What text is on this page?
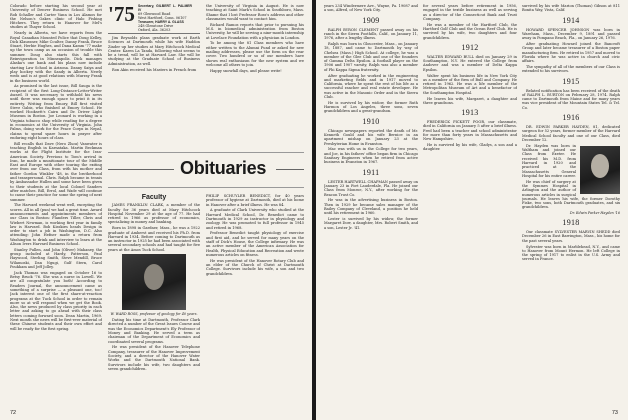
Colorado before starting his second year at University of Denver Business School. He met Rob Schaller and Carter Vann in Los Alamos for the Nelson's Oakes clinic of Halo Fishing Hitchers. They return to Hanover for Mel's studies at Thayer School.

Nearly in Alberta, we have reports from the Royal Canadian Mounted Police that Doug Kelley, Dick Klaussner, Mike Coulter, Danny Frank, Bruce Stuart, Herbie Hughes, and Dana Kamm '77 make up the town camp as an occasion of trouble this summer. Doug also starts this fall with Reinvigoration in Minneapolis. Dick manages Alaska's one bank and his plans now include starting Law School in Arizona. Danny Saiya and play hockey with the Sandy in Alberta. Newly weds and is at good relations with Murray Frank in the business world.

As promised in the last issue, Bill Sauga is the recipient of the first Long-Distance-Letter-Writer Award. It was necessary to withhold his news until there was enough space to print it in its entirety. Writing from Emory, Bill first visited Steve Gabis, who finished at Emory School. He worked Hooksett's Cairn and Dr. Driver Light Museum in Boston. Joe Leonard is working in a Virginia tobacco shop while reading for a degree in economics at the University of Virginia. John Palms, doing work for the Peace Corps in Nepal, claims to spend spare hours in prayer after enduring eight hours of class.

Bill recalls that Dave (Nero Zhou) Vanwater is teaching English in Karnataka. Martin Beckman works at the Flight Institute for the Iran-American Society. Previous to Tom's arrival in Iran, he made a munitionate tour of the Middle East and Europe with other touring the exiting over from our Class, from with his mother and father Gordon Winkler '48, in the brotherhood and transpersonal. Chris. Ralph became in tennis by Ambassador Hullen and some have been given to their students at the local Colonel Sanders after matches. Bill, Errol, and Wade will continue to cause their practice for some the spring of next summer.

The Harvard weekend went well, excepting the scores. All in all (pun) we had a great time. Award announcements and appointments members of our Class in Boston: Flanders Tiller, Chris and Wiebert Newman, is working first year in family law is Harvard. Bob Kisskirn heads Design in order to start a job in Washington, D.C. Also attending: John Hefner made a return from Washington to drink and interview to learn at the Alison Ivers Harvard Business School.

Stanley Pullen, and John (Oliver) Mahaney, the group included at Hardy, Patterson, Paul Haywood, Sterling Smith, Steve Mendill, Bruce Wilamoski, Dan Ngugi, Gulf Stern, Carol Poukham and Jeff Jolley.

Jack Thomas was engaged on October 16 to Betsy Bruck '76. She was a nurse in Lowell. We are all congratulate you both! According to Readers Journal, the announcement came as something of a surprise — a pleasant one, too! Jack interest one of the first share-at-reaction programs at the Tuck School in order to remain more so at will respond when we get the Book. Also, the news produced by class priority in each letter and asking to go ahead with their class letters coming forward soon. Dean Martin, 1969. Next month she news will be first-ever material of these Chinese students and their own effort and will be ready for the first spring.

'75 Secretary, GILBERT L. PALMER IV
69 Glenwood Road
West Hartford, Conn. 06107
Treasurer, HARRY A. GLASS
248 Glenstone Drive
Oxford, Ala. 36203

Jim Reynolds plans graduate work at Earth Sciences at Dartmouth while his wife Haddon Zinder up her studies at Mary Hitchcock Medical Center. Karen La Tanda, following what seems to be a trend, will be at Harvard Law. She will be studying at the Graduate School of Business Administration, as well.

Ron Akin received his Masters in French from

the University of Virginia in August. He is now teaching at Saint Mark's School in Southboro, Mass. Shame that I lost Professor Ross's address and other classmates would want to contact him.

Richard Ramos reports that prior to pursuing his M.S. in biomedical administration from Boston University, he will be serving a nine-month internship at Lovelace Foundation with a physician in London.

To be among the 81 Class members who have either written to the Alumni Fund or asked for new mailing addresses, please use the form on the rear cover. Two hundred or so of our members have shown real enthusiasm for the new system and we welcome all others to join.

Happy snowfall days, and please write!

Obituaries
Faculty

JAMES FRANKLIN CLARK, a member of the faculty for 36 years died at Mary Hitchcock Hospital November 29 at the age of 77. He had retired in 1966 as professor of economics, specializing in money and banking.

Born in 1898 in Gardner, Mass., he was a 1922 graduate of Amherst and received his Ph.D. from Harvard in 1934. Before coming to Dartmouth as an instructor in 1925 he had been associated with several secondary schools and had taught for five years at the Amos Tuck School.

W. WARD ROSS, professor of geology for 40 years.

Dating his time at Dartmouth, Professor Clark directed a number of the Great Issues Course and was the Economics Department's Ely Professor of Money and Banking. He served a term as chairman of the Department of Economics and coordinated several programs.

He was president of the Hanover Telephone Company, treasurer of the Hanover Improvement Society, and a director of the Hanover Water Works and the Dartmouth National Bank. Survivors include his wife, two daughters and seven grandchildren.

PHILIP SCHUYLER BENEDICT, for 40 years professor of hygiene at Dartmouth, died at his home in Hanover after a brief illness. He was 84.

A graduate of Clark University who studied at the Harvard Medical School, Dr. Benedict came to Dartmouth in 1929 as instructor in physiology and zoology. He was promoted to full professor in 1945 and retired in 1968.

Professor Benedict taught physiology of exercise and first aid, and he served for many years on the staff of Dick's House, the College infirmary. He was an active member of the American Association for Health, Physical Education and Recreation and wrote numerous articles on fitness.

He was president of the Hanover Rotary Club and an elder of the Church of Christ at Dartmouth College. Survivors include his wife, a son and two grandchildren.

72

years 234 Windermere Ave., Wayne, Pa. 19087 and a son, Alfred, of New York City.

1909

RALPH BYRON CLEMENT passed away on his ranch in the Sierra Foothills, Calif., on January 11, 1976, after a lengthy illness.

Ralph was born in Gloucester, Mass., on January 18, 1887, and came to Dartmouth by way of Chelsea (Mass.) High School. At college, he was a member of the Glee Club and one of the founders of Gamma Delta Epsilon. A football player on the 1906 and 1907 varsity, Ralph was also a member of Phi Kappa Sigma fraternity.

After graduating he worked in the engineering and marketing fields and in 1917 moved to California, where he spent the rest of his life as a successful rancher and real estate developer. He was active in the Masonic Order and in the Sierra Club.

He is survived by his widow, the former Ruth Harmon of Los Angeles, three sons, seven grandchildren and a great-grandson.

1910

Chicago newspapers reported the death of Mr. Kenneth Gould and his wife Bernice in an apartment mishap on January 23 at the Presbyterian Home in Evanston.

Mac was with us in the College for two years, and Joe, in his fathers' office began firm in Chicago Sanitary Engineers when he retired from active business in Evanston in 1967.

1911

LESTER HARTWELL CHAPMAN passed away on January 23 in Fort Lauderdale, Fla. He joined our Class from Monroe, N.Y., after working for the Beacon Trust Co.

He was in the advertising business in Boston. Then in 1929 he became sales manager of the Bailey Company of Cleveland, a position he held until his retirement in 1960.

Lester is survived by his widow, the former Margaret Dorr, a daughter, Mrs. Robert Smith, and a son, Lester Jr. '41.

for several years before retirement in 1956, engaged in the textile business as well as serving as a director of the Connecticut Bank and Trust Company.

He was a member of the Hartford Club, the Hartford Golf Club and the Ocean Reef Club. He is survived by his wife, two daughters and four grandchildren.

1912

WALTER EDWARD BULL died on January 29 in Southampton, N.Y. He entered the College from Andover and was a member of Delta Kappa Epsilon.

Walter spent his business life in New York City as a member of the firm of Bull and Company. He retired in 1962. He was a life member of the Metropolitan Museum of Art and a benefactor of the Southampton Hospital.

He leaves his wife, Margaret, a daughter and three grandsons.

1913

FREDERICK PICKETT POOR, our classmate, died in California on January 5 after a brief illness. Fred had been a teacher and school administrator for more than forty years in Massachusetts and New Hampshire.

He is survived by his wife, Gladys, a son and a daughter.

survived by his wife Marion (Thomas) Gibson at 811 Bonita Way, Vista, Calif.

1914

HOWARD SPENCER JOHNSON was born in Wareham, Mass., December 9, 1891 and passed away in Pompano Beach, Fla., on January 26, 1976.

After graduating Howard joined the Bancroft Group and later became treasurer of a Boston paper manufacturing firm. He retired in 1957 and moved to Florida where he was active in church and civic affairs.

The sympathy of all of the members of our Class is extended to his survivors.

1915

Belated notification has been received of the death of RALPH L. BURTON on February 28, 1974. Ralph came to Dartmouth from Maine and for many years was vice president of the Mountain States Tel. & Tel. Co.

1916

DR. EDWIN PARKER HAYDEN, 81, dedicated surgeon for 52 years, former member of the Harvard Medical School faculty and one of our Class, died December 12.

Dr. Hayden was born in Waltham and joined our Class from Exeter. He received his M.D. from Harvard in 1920 and practiced at the Massachusetts General Hospital for his entire career.

He was chief of surgery at the Symmes Hospital in Arlington and the author of numerous articles in surgical journals. He leaves his wife, the former Dorothy Fiske, two sons, both Dartmouth graduates, and six grandchildren.

Dr. Edwin Parker Hayden '16
1918

Our classmate SYLVESTER MARVIN SHEDD died December 26 in East Barrington, Mass., his home for the past several years.

Sylvester was born in Marblehead, N.Y., and came to Hanover from Mount Hermon. He left College in the spring of 1917 to enlist in the U.S. Army and served in France.

73
